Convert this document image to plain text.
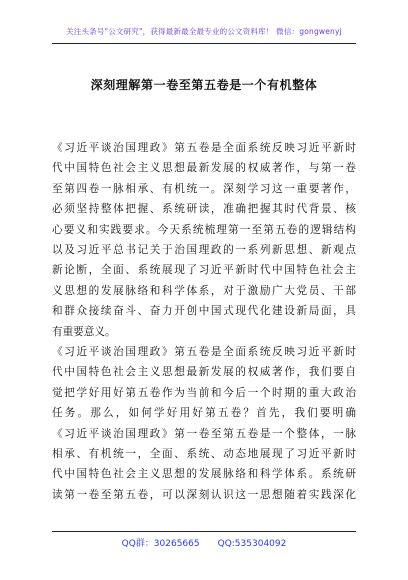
关注头条号"公文研究"，获得最新最全最专业的公文资料库！ 微信：gongwenyj
深刻理解第一卷至第五卷是一个有机整体
《习近平谈治国理政》第五卷是全面系统反映习近平新时
代中国特色社会主义思想最新发展的权威著作，与第一卷
至第四卷一脉相承、有机统一。深刻学习这一重要著作，
必须坚持整体把握、系统研读，准确把握其时代背景、核
心要义和实践要求。今天系统梳理第一至第五卷的逻辑结构
以及习近平总书记关于治国理政的一系列新思想、新观点
新论断，全面、系统展现了习近平新时代中国特色社会主
义思想的发展脉络和科学体系，对于激励广大党员、干部
和群众接续奋斗、奋力开创中国式现代化建设新局面，具
有重要意义。
《习近平谈治国理政》第五卷是全面系统反映习近平新时
代中国特色社会主义思想最新发展的权威著作，我们要自
觉把学好用好第五卷作为当前和今后一个时期的重大政治
任务。那么，如何学好用好第五卷？首先，我们要明确
《习近平谈治国理政》第一卷至第五卷是一个整体，一脉
相承、有机统一，全面、系统、动态地展现了习近平新时
代中国特色社会主义思想的发展脉络和科学体系。系统研
读第一卷至第五卷，可以深刻认识这一思想随着实践深化
QQ群：30265665 QQ:535304092
